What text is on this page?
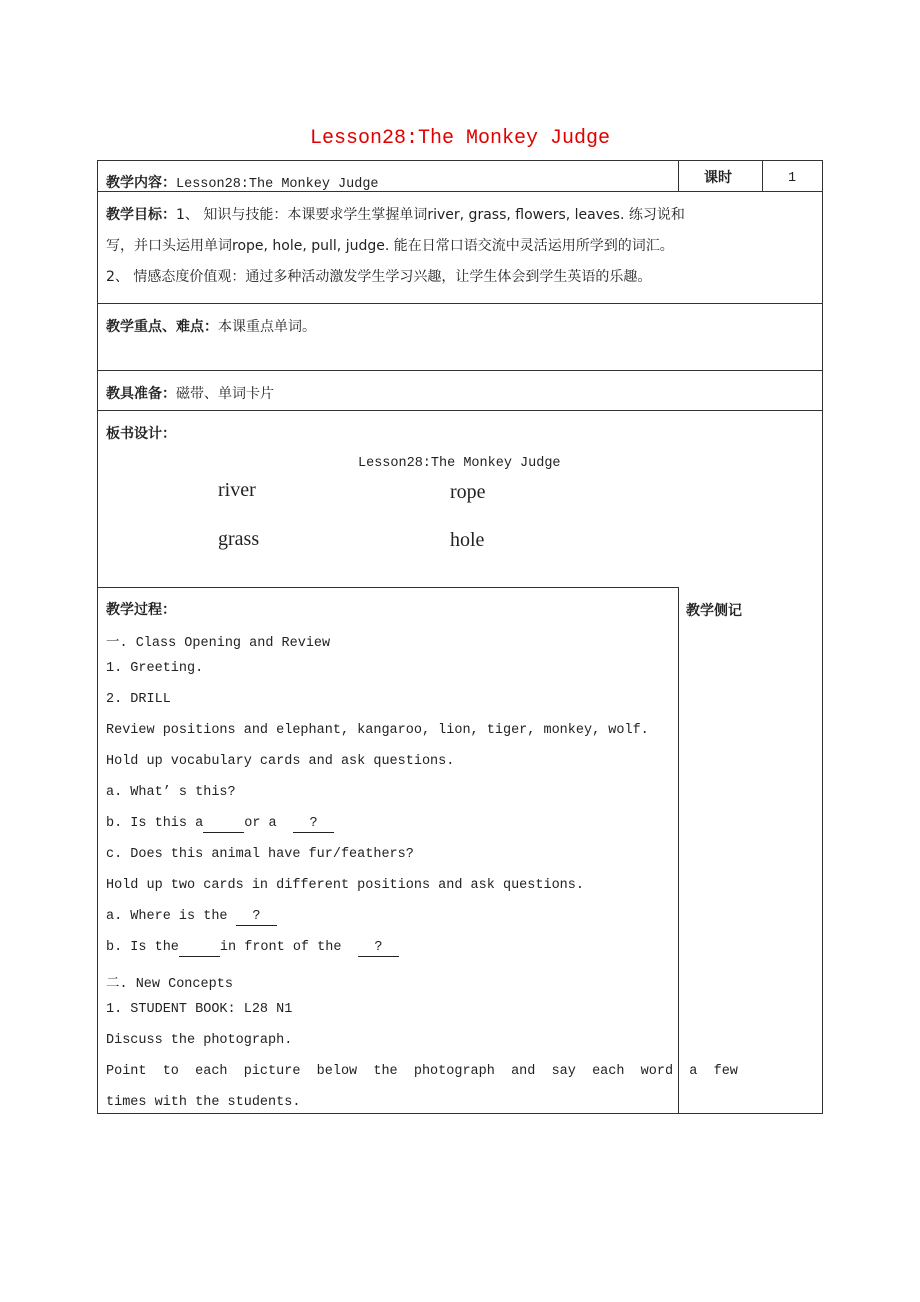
Lesson28:The Monkey Judge
教学内容：Lesson28:The Monkey Judge	课时	1
教学目标：1、 知识与技能：本课要求学生掌握单词river, grass, flowers, leaves. 练习说和
写，并口头运用单词rope, hole, pull, judge. 能在日常口语交流中灵活运用所学到的词汇。
2、 情感态度价值观：通过多种活动激发学生学习兴趣，让学生体会到学生英语的乐趣。
教学重点、难点：本课重点单词。
教具准备：磁带、单词卡片
板书设计：
Lesson28:The Monkey Judge
river	rope
grass	hole
教学过程：	教学侧记
一. Class Opening and Review
1. Greeting.
2. DRILL
Review positions and elephant, kangaroo, lion, tiger, monkey, wolf.
Hold up vocabulary cards and ask questions.
a. What’ s this?
b. Is this a	or a  ?
c. Does this animal have fur/feathers?
Hold up two cards in different positions and ask questions.
a. Where is the ?
b. Is the	in front of the  ?
二. New Concepts
1. STUDENT BOOK: L28 N1
Discuss the photograph.
Point  to  each  picture  below  the  photograph  and  say  each  word  a  few
times with the students.
